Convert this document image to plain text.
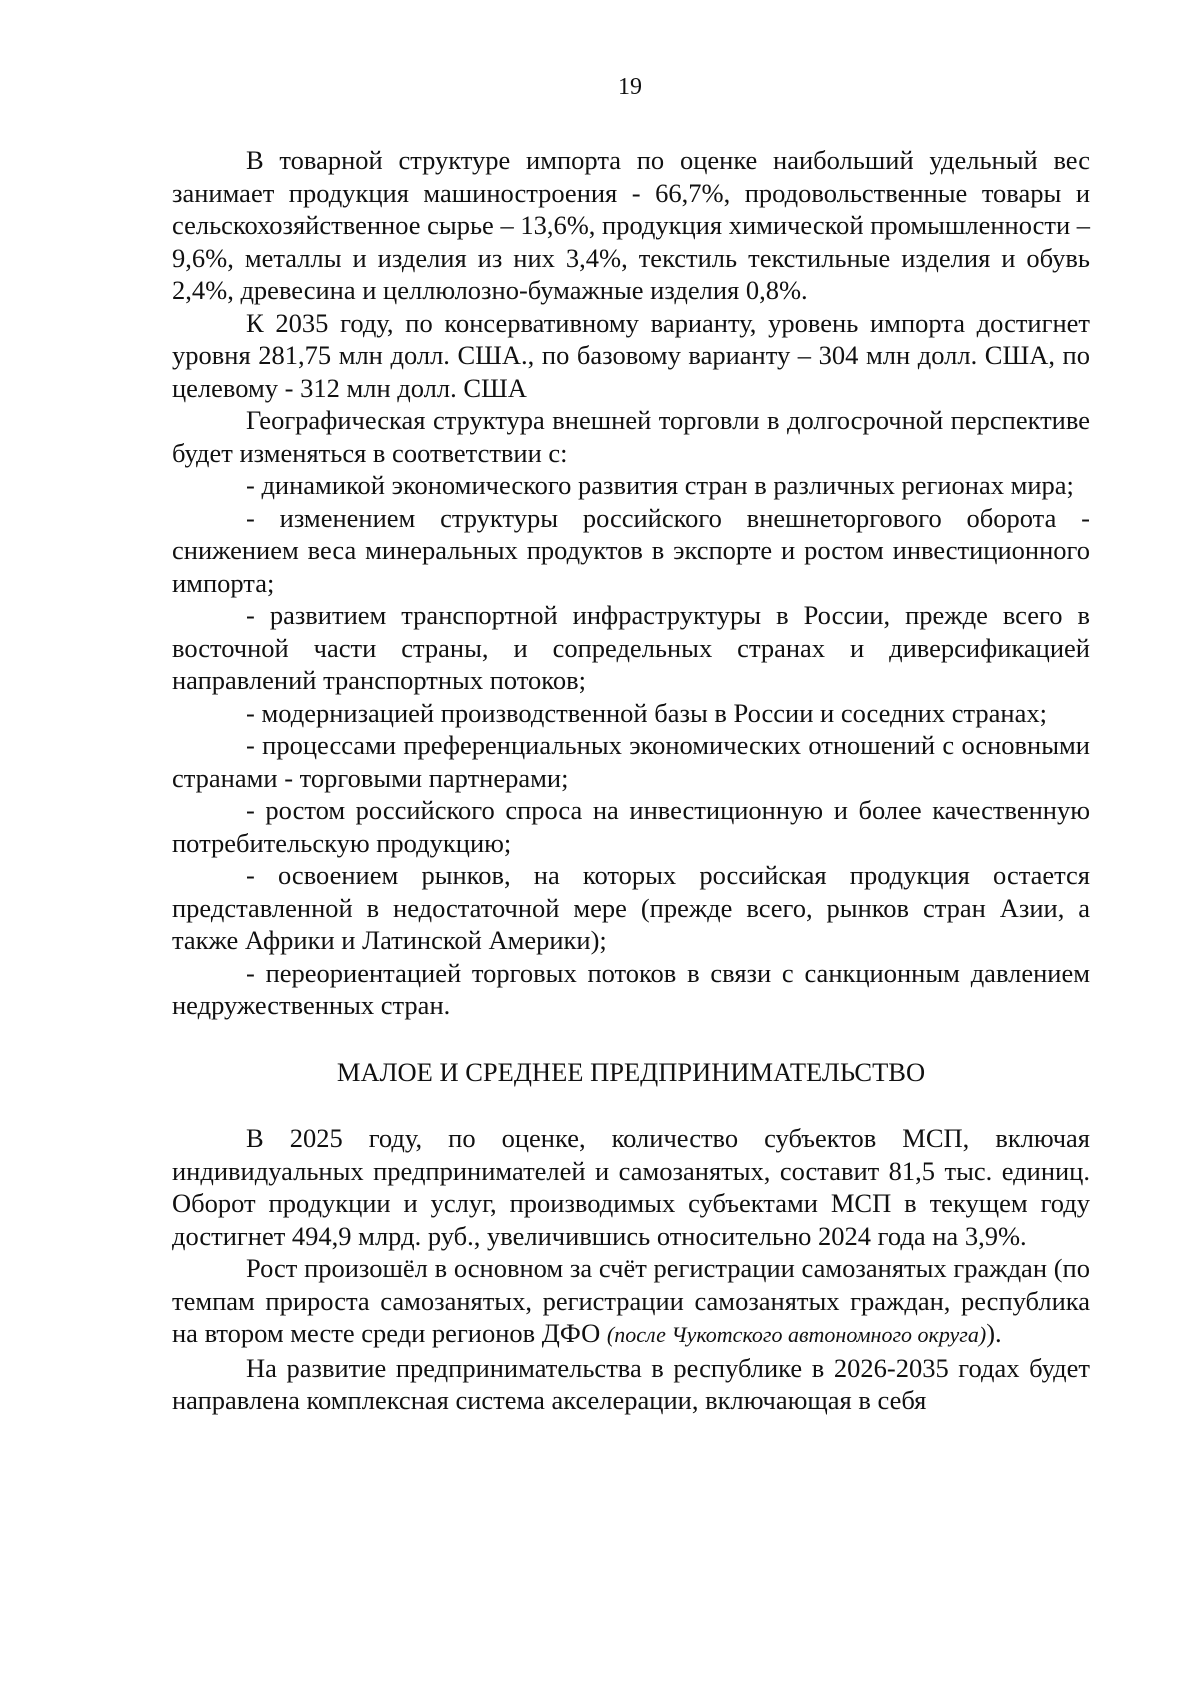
19

В товарной структуре импорта по оценке наибольший удельный вес занимает продукция машиностроения - 66,7%, продовольственные товары и сельскохозяйственное сырье – 13,6%, продукция химической промышленности – 9,6%, металлы и изделия из них 3,4%, текстиль текстильные изделия и обувь 2,4%, древесина и целлюлозно-бумажные изделия 0,8%.

К 2035 году, по консервативному варианту, уровень импорта достигнет уровня 281,75 млн долл. США., по базовому варианту – 304 млн долл. США, по целевому - 312 млн долл. США

Географическая структура внешней торговли в долгосрочной перспективе будет изменяться в соответствии с:

- динамикой экономического развития стран в различных регионах мира;

- изменением структуры российского внешнеторгового оборота - снижением веса минеральных продуктов в экспорте и ростом инвестиционного импорта;

- развитием транспортной инфраструктуры в России, прежде всего в восточной части страны, и сопредельных странах и диверсификацией направлений транспортных потоков;

- модернизацией производственной базы в России и соседних странах;

- процессами преференциальных экономических отношений с основными странами - торговыми партнерами;

- ростом российского спроса на инвестиционную и более качественную потребительскую продукцию;

- освоением рынков, на которых российская продукция остается представленной в недостаточной мере (прежде всего, рынков стран Азии, а также Африки и Латинской Америки);

- переориентацией торговых потоков в связи с санкционным давлением недружественных стран.

МАЛОЕ И СРЕДНЕЕ ПРЕДПРИНИМАТЕЛЬСТВО

В 2025 году, по оценке, количество субъектов МСП, включая индивидуальных предпринимателей и самозанятых, составит 81,5 тыс. единиц. Оборот продукции и услуг, производимых субъектами МСП в текущем году достигнет 494,9 млрд. руб., увеличившись относительно 2024 года на 3,9%.

Рост произошёл в основном за счёт регистрации самозанятых граждан (по темпам прироста самозанятых, регистрации самозанятых граждан, республика на втором месте среди регионов ДФО (после Чукотского автономного округа)).

На развитие предпринимательства в республике в 2026-2035 годах будет направлена комплексная система акселерации, включающая в себя
